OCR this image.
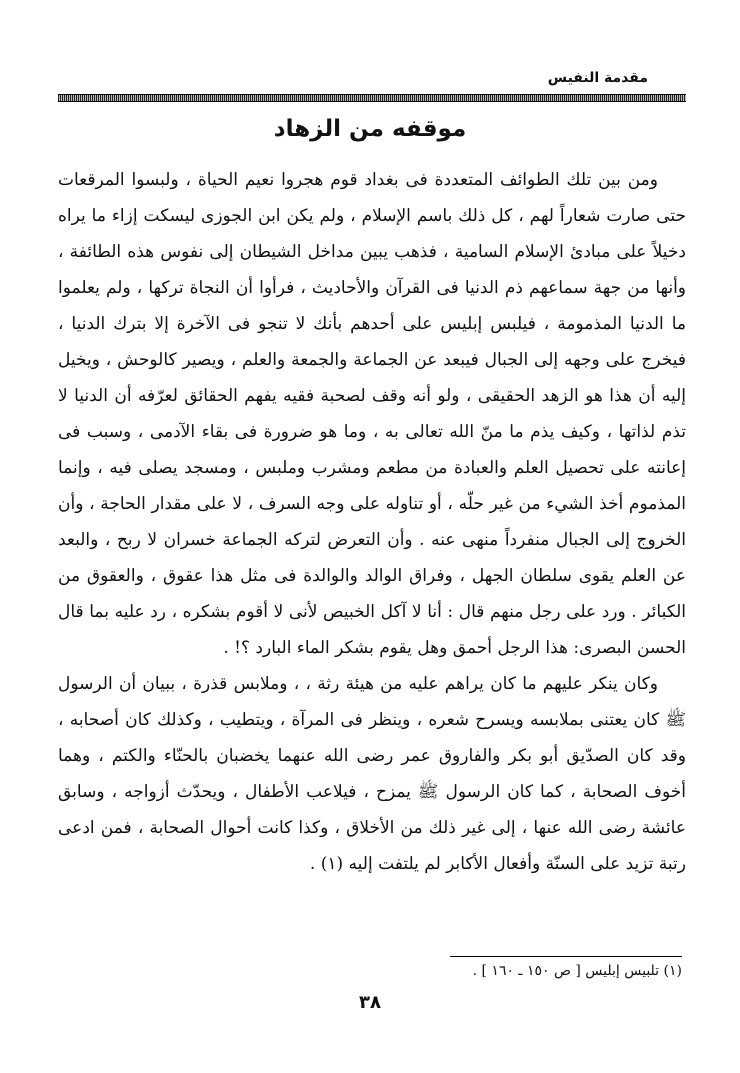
مقدمة النفيس
موقفه من الزهاد

ومن بين تلك الطوائف المتعددة فى بغداد قوم هجروا نعيم الحياة ، ولبسوا المرقعات حتى صارت شعاراً لهم ، كل ذلك باسم الإسلام ، ولم يكن ابن الجوزى ليسكت إزاء ما يراه دخيلاً على مبادئ الإسلام السامية ، فذهب يبين مداخل الشيطان إلى نفوس هذه الطائفة ، وأنها من جهة سماعهم ذم الدنيا فى القرآن والأحاديث ، فرأوا أن النجاة تركها ، ولم يعلموا ما الدنيا المذمومة ، فيلبس إبليس على أحدهم بأنك لا تنجو فى الآخرة إلا بترك الدنيا ، فيخرج على وجهه إلى الجبال فيبعد عن الجماعة والجمعة والعلم ، ويصير كالوحش ، ويخيل إليه أن هذا هو الزهد الحقيقى ، ولو أنه وقف لصحبة فقيه يفهم الحقائق لعرّفه أن الدنيا لا تذم لذاتها ، وكيف يذم ما منّ الله تعالى به ، وما هو ضرورة فى بقاء الآدمى ، وسبب فى إعانته على تحصيل العلم والعبادة من مطعم ومشرب وملبس ، ومسجد يصلى فيه ، وإنما المذموم أخذ الشيء من غير حلّه ، أو تناوله على وجه السرف ، لا على مقدار الحاجة ، وأن الخروج إلى الجبال منفرداً منهى عنه . وأن التعرض لتركه الجماعة خسران لا ربح ، والبعد عن العلم يقوى سلطان الجهل ، وفراق الوالد والوالدة فى مثل هذا عقوق ، والعقوق من الكبائر . ورد على رجل منهم قال : أنا لا آكل الخبيص لأنى لا أقوم بشكره ، رد عليه بما قال الحسن البصرى: هذا الرجل أحمق وهل يقوم بشكر الماء البارد ؟! .

وكان ينكر عليهم ما كان يراهم عليه من هيئة رثة ، ، وملابس قذرة ، ببيان أن الرسول ﷺ كان يعتنى بملابسه ويسرح شعره ، وينظر فى المرآة ، ويتطيب ، وكذلك كان أصحابه ، وقد كان الصدّيق أبو بكر والفاروق عمر رضى الله عنهما يخضبان بالحنّاء والكتم ، وهما أخوف الصحابة ، كما كان الرسول ﷺ يمزح ، فيلاعب الأطفال ، ويحدّث أزواجه ، وسابق عائشة رضى الله عنها ، إلى غير ذلك من الأخلاق ، وكذا كانت أحوال الصحابة ، فمن ادعى رتبة تزيد على السنّة وأفعال الأكابر لم يلتفت إليه (١) .

(١) تلبيس إبليس [ ص ١٥٠ ـ ١٦٠ ] .
٣٨
